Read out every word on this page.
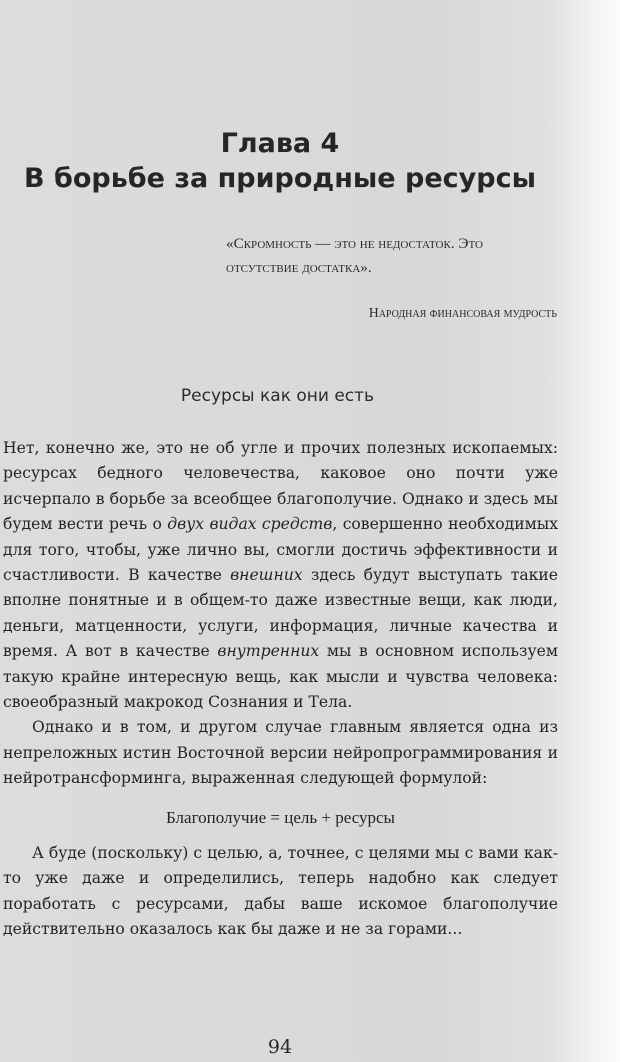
Глава 4
В борьбе за природные ресурсы
«Скромность — это не недостаток. Это отсутствие достатка».
Народная финансовая мудрость
Ресурсы как они есть

Нет, конечно же, это не об угле и прочих полезных ископаемых: ресурсах бедного человечества, каковое оно почти уже исчерпало в борьбе за всеобщее благополучие. Однако и здесь мы будем вести речь о двух видах средств, совершенно необходимых для того, чтобы, уже лично вы, смогли достичь эффективности и счастливости. В качестве внешних здесь будут выступать такие вполне понятные и в общем-то даже известные вещи, как люди, деньги, матценности, услуги, информация, личные качества и время. А вот в качестве внутренних мы в основном используем такую крайне интересную вещь, как мысли и чувства человека: своеобразный макрокод Сознания и Тела.

Однако и в том, и другом случае главным является одна из непреложных истин Восточной версии нейропрограммирования и нейротрансформинга, выраженная следующей формулой:

Благополучие = цель + ресурсы

А буде (поскольку) с целью, а, точнее, с целями мы с вами как-то уже даже и определились, теперь надобно как следует поработать с ресурсами, дабы ваше искомое благополучие действительно оказалось как бы даже и не за горами...

94
